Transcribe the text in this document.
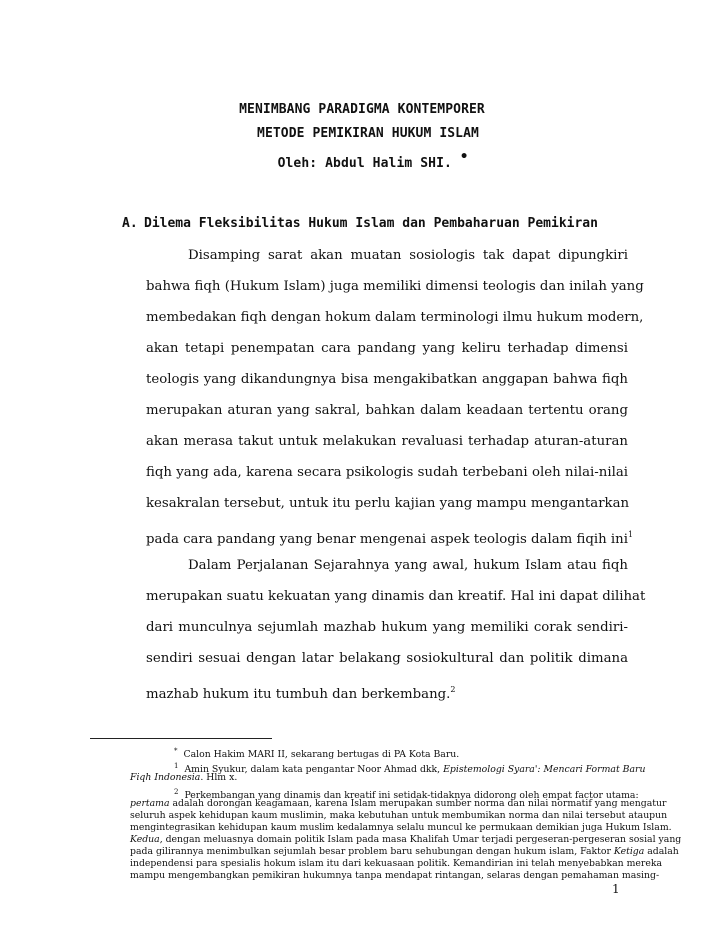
MENIMBANG PARADIGMA KONTEMPORER
METODE PEMIKIRAN HUKUM ISLAM
Oleh: Abdul Halim SHI. •
A. Dilema Fleksibilitas Hukum Islam dan Pembaharuan Pemikiran
Disamping sarat akan muatan sosiologis tak dapat dipungkiri
bahwa fiqh (Hukum Islam) juga memiliki dimensi teologis dan inilah yang
membedakan fiqh dengan hokum dalam terminologi ilmu hukum modern,
akan tetapi penempatan cara pandang yang keliru terhadap dimensi
teologis yang dikandungnya bisa mengakibatkan anggapan bahwa fiqh
merupakan aturan yang sakral, bahkan dalam keadaan tertentu orang
akan merasa takut untuk melakukan revaluasi terhadap aturan-aturan
fiqh yang ada, karena secara psikologis sudah terbebani oleh nilai-nilai
kesakralan tersebut, untuk itu perlu kajian yang mampu mengantarkan
pada cara pandang yang benar mengenai aspek teologis dalam fiqih ini$^1$
Dalam Perjalanan Sejarahnya yang awal, hukum Islam atau fiqh
merupakan suatu kekuatan yang dinamis dan kreatif. Hal ini dapat dilihat
dari munculnya sejumlah mazhab hukum yang memiliki corak sendiri-
sendiri sesuai dengan latar belakang sosiokultural dan politik dimana
mazhab hukum itu tumbuh dan berkembang.$^2$
* Calon Hakim MARI II, sekarang bertugas di PA Kota Baru.
$^1$ Amin Syukur, dalam kata pengantar Noor Ahmad dkk, Epistemologi Syara': Mencari Format Baru
Fiqh Indonesia. Hlm x.
$^2$ Perkembangan yang dinamis dan kreatif ini setidak-tidaknya didorong oleh empat factor utama:
pertama adalah dorongan keagamaan, karena Islam merupakan sumber norma dan nilai normatif yang mengatur
seluruh aspek kehidupan kaum muslimin, maka kebutuhan untuk membumikan norma dan nilai tersebut ataupun
mengintegrasikan kehidupan kaum muslim kedalamnya selalu muncul ke permukaan demikian juga Hukum Islam.
Kedua, dengan meluasnya domain politik Islam pada masa Khalifah Umar terjadi pergeseran-pergeseran sosial yang
pada gilirannya menimbulkan sejumlah besar problem baru sehubungan dengan hukum islam, Faktor Ketiga adalah
independensi para spesialis hokum islam itu dari kekuasaan politik. Kemandirian ini telah menyebabkan mereka
mampu mengembangkan pemikiran hukumnya tanpa mendapat rintangan, selaras dengan pemahaman masing-
1
